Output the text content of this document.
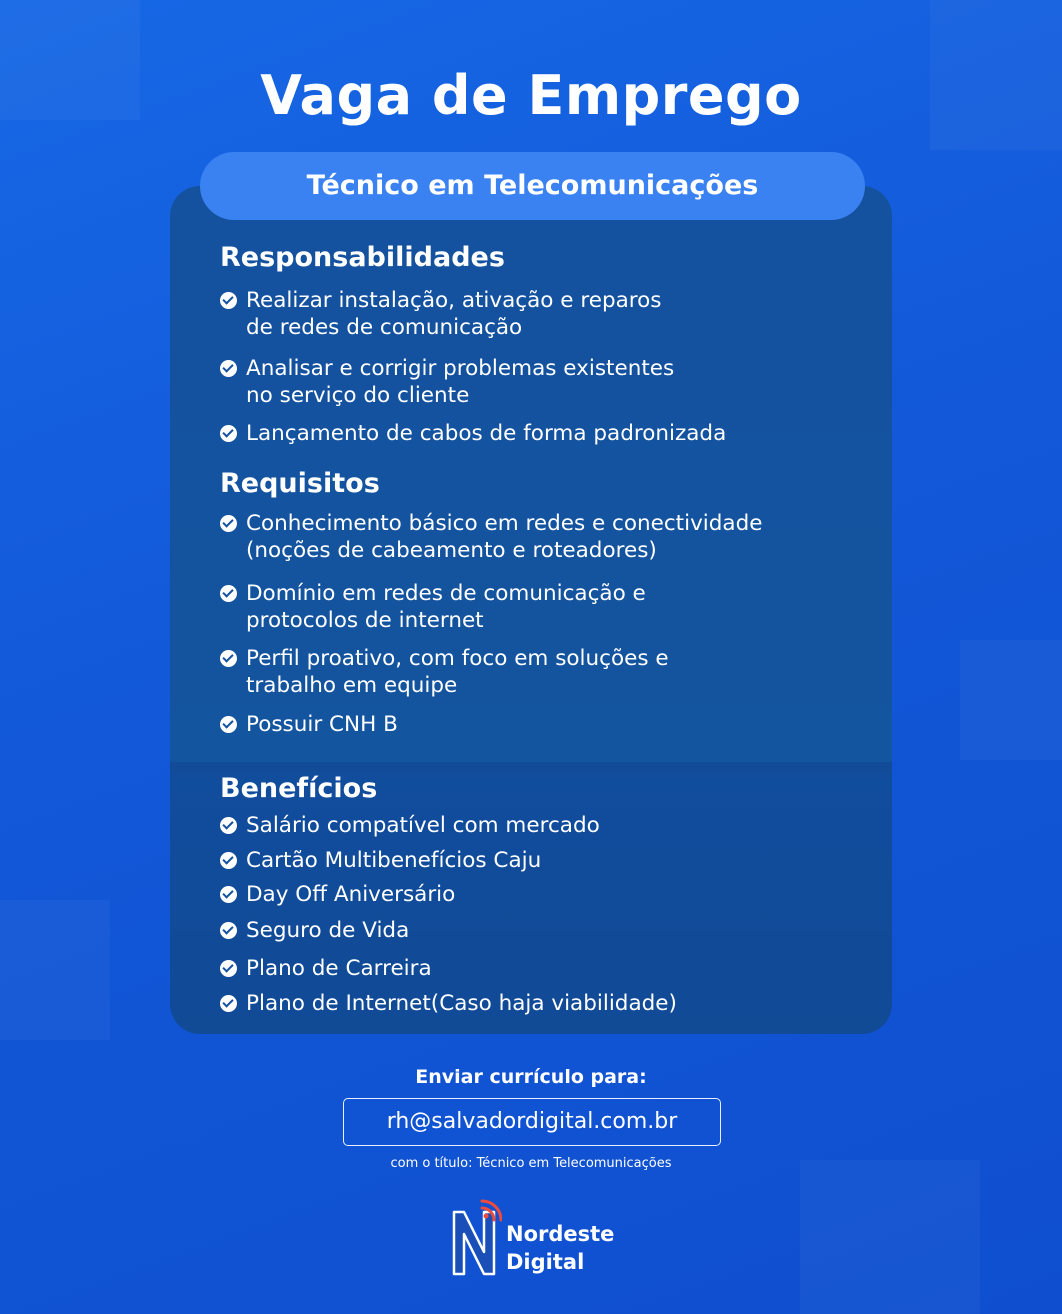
Vaga de Emprego
Técnico em Telecomunicações
Responsabilidades
Realizar instalação, ativação e reparos
de redes de comunicação
Analisar e corrigir problemas existentes
no serviço do cliente
Lançamento de cabos de forma padronizada
Requisitos
Conhecimento básico em redes e conectividade
(noções de cabeamento e roteadores)
Domínio em redes de comunicação e
protocolos de internet
Perfil proativo, com foco em soluções e
trabalho em equipe
Possuir CNH B
Benefícios
Salário compatível com mercado
Cartão Multibenefícios Caju
Day Off Aniversário
Seguro de Vida
Plano de Carreira
Plano de Internet(Caso haja viabilidade)
Enviar currículo para:
rh@salvadordigital.com.br
com o título: Técnico em Telecomunicações
Nordeste
Digital
